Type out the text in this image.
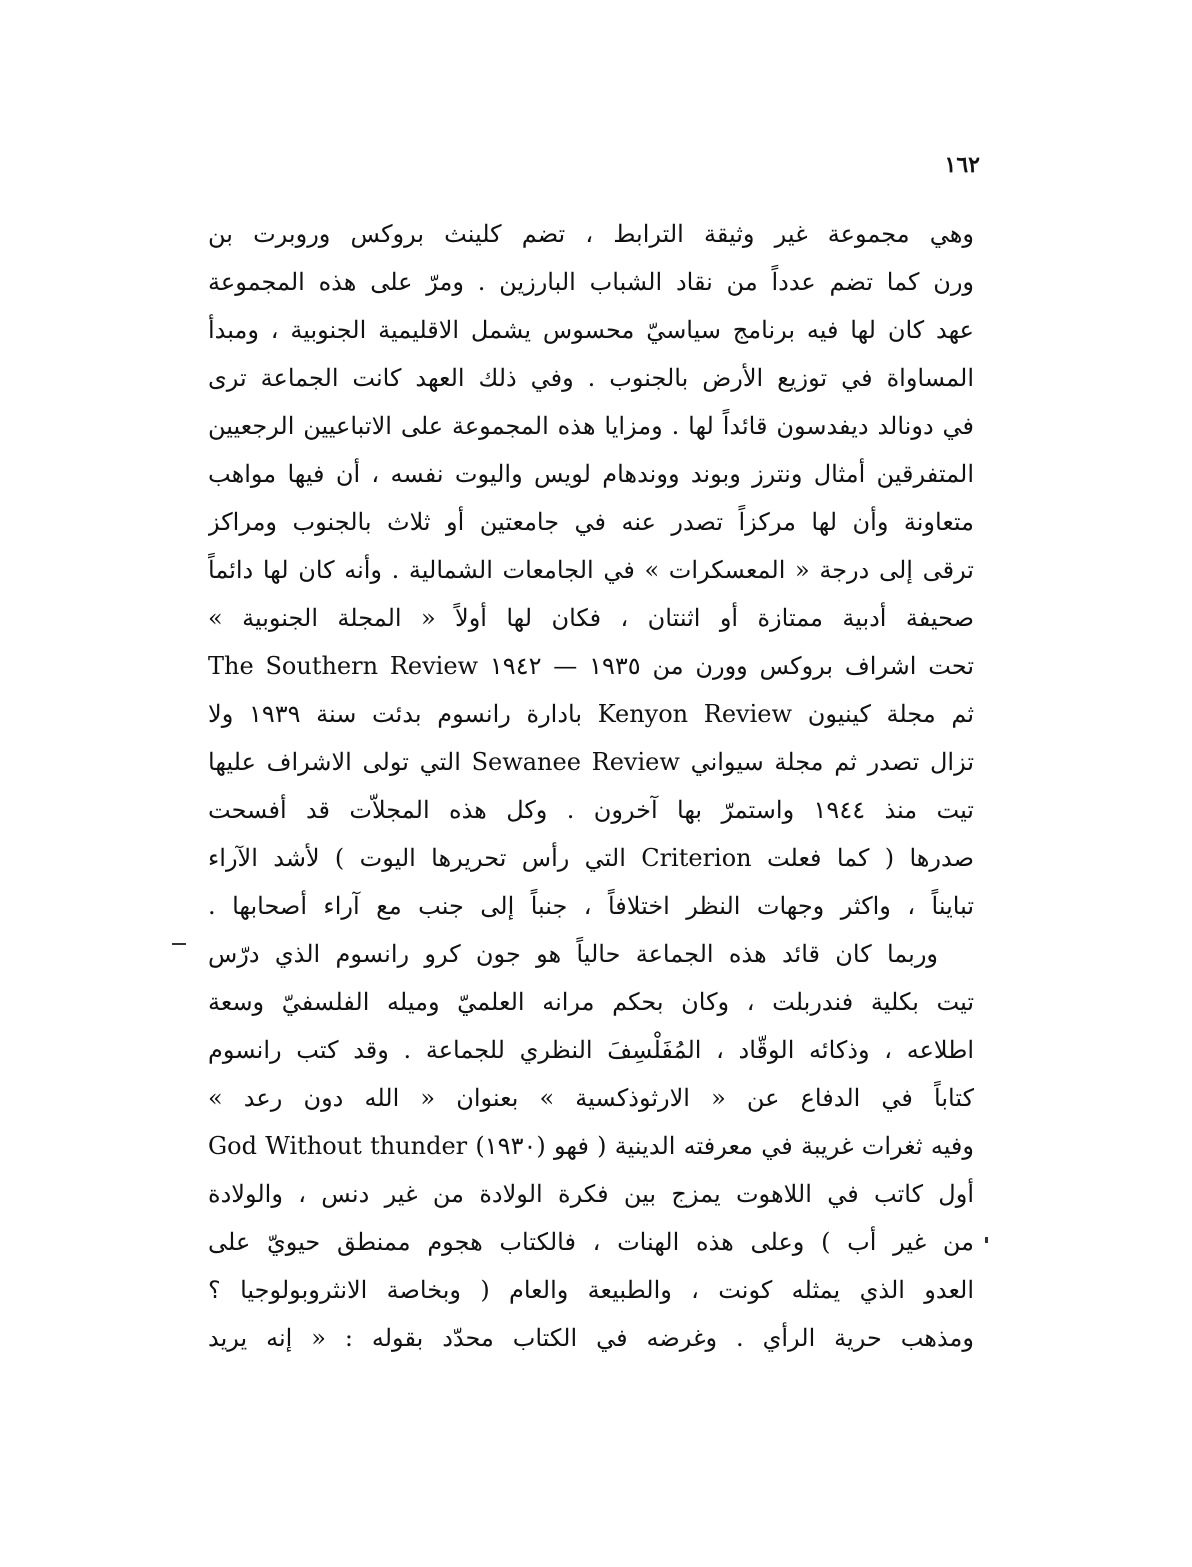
١٦٢
وهي مجموعة غير وثيقة الترابط ، تضم كلينث بروكس وروبرت بن
ورن كما تضم عدداً من نقاد الشباب البارزين . ومرّ على هذه المجموعة
عهد كان لها فيه برنامج سياسيّ محسوس يشمل الاقليمية الجنوبية ، ومبدأ
المساواة في توزيع الأرض بالجنوب . وفي ذلك العهد كانت الجماعة ترى
في دونالد ديفدسون قائداً لها . ومزايا هذه المجموعة على الاتباعيين الرجعيين
المتفرقين أمثال ونترز وبوند ووندهام لويس واليوت نفسه ، أن فيها مواهب
متعاونة وأن لها مركزاً تصدر عنه في جامعتين أو ثلاث بالجنوب ومراكز
ترقى إلى درجة « المعسكرات » في الجامعات الشمالية . وأنه كان لها دائماً
صحيفة أدبية ممتازة أو اثنتان ، فكان لها أولاً « المجلة الجنوبية »
The Southern Review تحت اشراف بروكس وورن من ١٩٣٥ — ١٩٤٢
ثم مجلة كينيون Kenyon Review بادارة رانسوم بدئت سنة ١٩٣٩ ولا
تزال تصدر ثم مجلة سيواني Sewanee Review التي تولى الاشراف عليها
تيت منذ ١٩٤٤ واستمرّ بها آخرون . وكل هذه المجلاّت قد أفسحت
صدرها ( كما فعلت Criterion التي رأس تحريرها اليوت ) لأشد الآراء
تبايناً ، واكثر وجهات النظر اختلافاً ، جنباً إلى جنب مع آراء أصحابها .
وربما كان قائد هذه الجماعة حالياً هو جون كرو رانسوم الذي درّس
تيت بكلية فندربلت ، وكان بحكم مرانه العلميّ وميله الفلسفيّ وسعة
اطلاعه ، وذكائه الوقّاد ، المُفَلْسِفَ النظري للجماعة . وقد كتب رانسوم
كتاباً في الدفاع عن « الارثوذكسية » بعنوان « الله دون رعد »
God Without thunder (١٩٣٠) وفيه ثغرات غريبة في معرفته الدينية ( فهو
أول كاتب في اللاهوت يمزج بين فكرة الولادة من غير دنس ، والولادة
من غير أب ) وعلى هذه الهنات ، فالكتاب هجوم ممنطق حيويّ على
العدو الذي يمثله كونت ، والطبيعة والعام ( وبخاصة الانثروبولوجيا ؟
ومذهب حرية الرأي . وغرضه في الكتاب محدّد بقوله : « إنه يريد
